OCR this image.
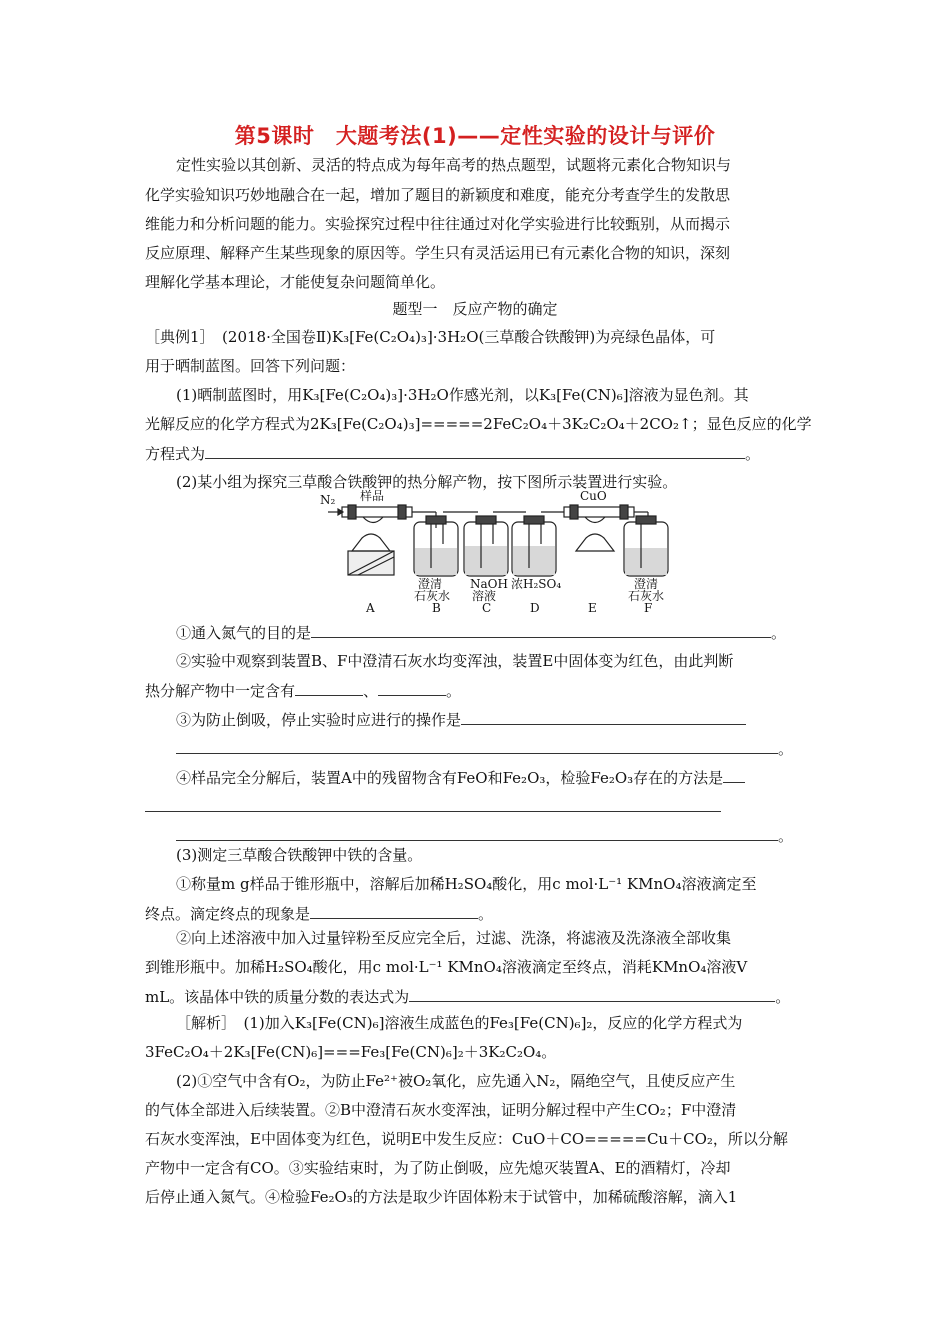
第5课时　大题考法(1)——定性实验的设计与评价
定性实验以其创新、灵活的特点成为每年高考的热点题型，试题将元素化合物知识与
化学实验知识巧妙地融合在一起，增加了题目的新颖度和难度，能充分考查学生的发散思
维能力和分析问题的能力。实验探究过程中往往通过对化学实验进行比较甄别，从而揭示
反应原理、解释产生某些现象的原因等。学生只有灵活运用已有元素化合物的知识，深刻
理解化学基本理论，才能使复杂问题简单化。
题型一　反应产物的确定
［典例1］　(2018·全国卷Ⅱ)K₃[Fe(C₂O₄)₃]·3H₂O(三草酸合铁酸钾)为亮绿色晶体，可
用于晒制蓝图。回答下列问题：
(1)晒制蓝图时，用K₃[Fe(C₂O₄)₃]·3H₂O作感光剂，以K₃[Fe(CN)₆]溶液为显色剂。其
光解反应的化学方程式为2K₃[Fe(C₂O₄)₃]=====2FeC₂O₄＋3K₂C₂O₄＋2CO₂↑；显色反应的化学
方程式为	。
(2)某小组为探究三草酸合铁酸钾的热分解产物，按下图所示装置进行实验。
N₂ 样品	CuO
澄清
石灰水
NaOH
溶液
浓H₂SO₄	澄清
石灰水
A	B	C	D	E	F
①通入氮气的目的是	。
②实验中观察到装置B、F中澄清石灰水均变浑浊，装置E中固体变为红色，由此判断
热分解产物中一定含有	、	。
③为防止倒吸，停止实验时应进行的操作是
。
④样品完全分解后，装置A中的残留物含有FeO和Fe₂O₃，检验Fe₂O₃存在的方法是
。
(3)测定三草酸合铁酸钾中铁的含量。
①称量m g样品于锥形瓶中，溶解后加稀H₂SO₄酸化，用c mol·L⁻¹ KMnO₄溶液滴定至
终点。滴定终点的现象是	。
②向上述溶液中加入过量锌粉至反应完全后，过滤、洗涤，将滤液及洗涤液全部收集
到锥形瓶中。加稀H₂SO₄酸化，用c mol·L⁻¹ KMnO₄溶液滴定至终点，消耗KMnO₄溶液V
mL。该晶体中铁的质量分数的表达式为	。
［解析］　(1)加入K₃[Fe(CN)₆]溶液生成蓝色的Fe₃[Fe(CN)₆]₂，反应的化学方程式为
3FeC₂O₄＋2K₃[Fe(CN)₆]===Fe₃[Fe(CN)₆]₂＋3K₂C₂O₄。
(2)①空气中含有O₂，为防止Fe²⁺被O₂氧化，应先通入N₂，隔绝空气，且使反应产生
的气体全部进入后续装置。②B中澄清石灰水变浑浊，证明分解过程中产生CO₂；F中澄清
石灰水变浑浊，E中固体变为红色，说明E中发生反应：CuO＋CO=====Cu＋CO₂，所以分解
产物中一定含有CO。③实验结束时，为了防止倒吸，应先熄灭装置A、E的酒精灯，冷却
后停止通入氮气。④检验Fe₂O₃的方法是取少许固体粉末于试管中，加稀硫酸溶解，滴入1
